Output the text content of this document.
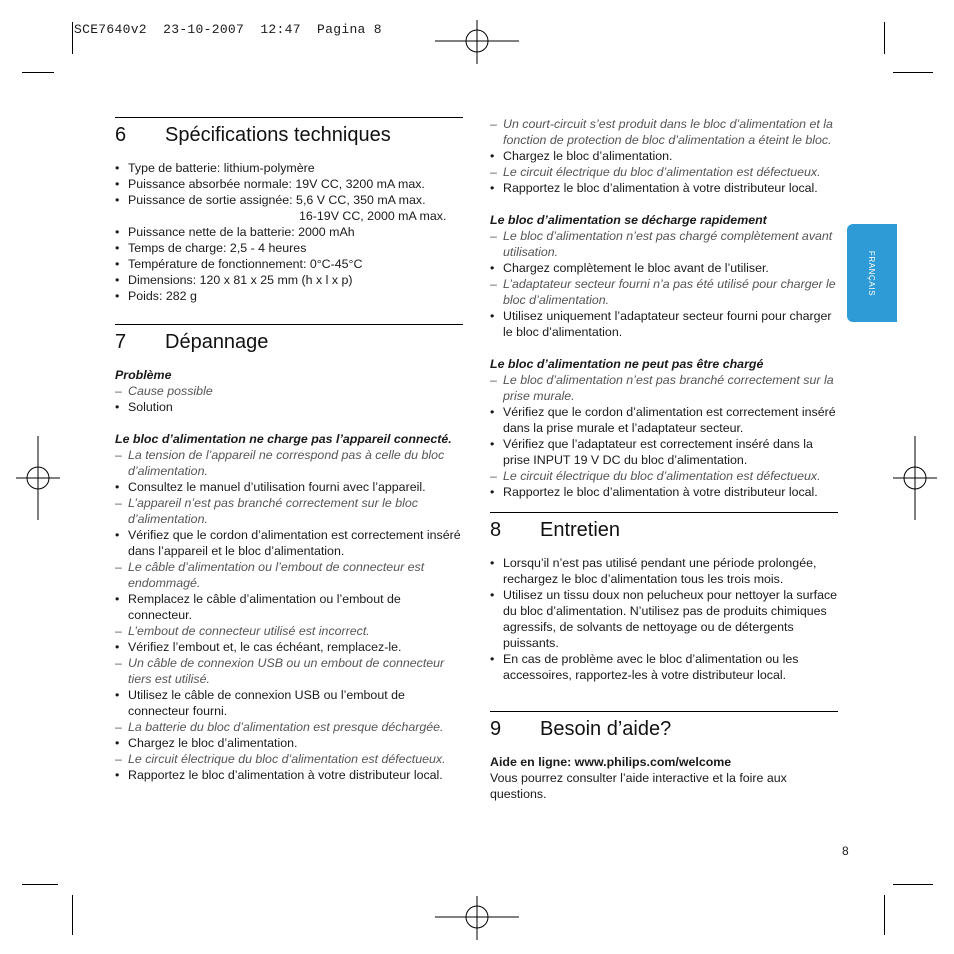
SCE7640v2  23-10-2007  12:47  Pagina 8
6	Spécifications techniques
• Type de batterie: lithium-polymère
• Puissance absorbée normale: 19V CC, 3200 mA max.
• Puissance de sortie assignée: 5,6 V CC, 350 mA max.
16-19V CC, 2000 mA max.
• Puissance nette de la batterie: 2000 mAh
• Temps de charge: 2,5 - 4 heures
• Température de fonctionnement: 0°C-45°C
• Dimensions: 120 x 81 x 25 mm (h x l x p)
• Poids: 282 g
7	Dépannage
Problème
– Cause possible
• Solution
Le bloc d’alimentation ne charge pas l’appareil connecté.
– La tension de l’appareil ne correspond pas à celle du bloc d’alimentation.
• Consultez le manuel d’utilisation fourni avec l’appareil.
– L’appareil n’est pas branché correctement sur le bloc d’alimentation.
• Vérifiez que le cordon d’alimentation est correctement inséré dans l’appareil et le bloc d’alimentation.
– Le câble d’alimentation ou l’embout de connecteur est endommagé.
• Remplacez le câble d’alimentation ou l’embout de connecteur.
– L’embout de connecteur utilisé est incorrect.
• Vérifiez l’embout et, le cas échéant, remplacez-le.
– Un câble de connexion USB ou un embout de connecteur tiers est utilisé.
• Utilisez le câble de connexion USB ou l’embout de connecteur fourni.
– La batterie du bloc d’alimentation est presque déchargée.
• Chargez le bloc d’alimentation.
– Le circuit électrique du bloc d’alimentation est défectueux.
• Rapportez le bloc d’alimentation à votre distributeur local.
– Un court-circuit s’est produit dans le bloc d’alimentation et la fonction de protection de bloc d’alimentation a éteint le bloc.
• Chargez le bloc d’alimentation.
– Le circuit électrique du bloc d’alimentation est défectueux.
• Rapportez le bloc d’alimentation à votre distributeur local.
Le bloc d’alimentation se décharge rapidement
– Le bloc d’alimentation n’est pas chargé complètement avant utilisation.
• Chargez complètement le bloc avant de l’utiliser.
– L’adaptateur secteur fourni n’a pas été utilisé pour charger le bloc d’alimentation.
• Utilisez uniquement l’adaptateur secteur fourni pour charger le bloc d’alimentation.
Le bloc d’alimentation ne peut pas être chargé
– Le bloc d’alimentation n’est pas branché correctement sur la prise murale.
• Vérifiez que le cordon d’alimentation est correctement inséré dans la prise murale et l’adaptateur secteur.
• Vérifiez que l’adaptateur est correctement inséré dans la prise INPUT 19 V DC du bloc d’alimentation.
– Le circuit électrique du bloc d’alimentation est défectueux.
• Rapportez le bloc d’alimentation à votre distributeur local.
8	Entretien
• Lorsqu’il n’est pas utilisé pendant une période prolongée, rechargez le bloc d’alimentation tous les trois mois.
• Utilisez un tissu doux non pelucheux pour nettoyer la surface du bloc d’alimentation. N’utilisez pas de produits chimiques agressifs, de solvants de nettoyage ou de détergents puissants.
• En cas de problème avec le bloc d’alimentation ou les accessoires, rapportez-les à votre distributeur local.
9	Besoin d’aide?
Aide en ligne: www.philips.com/welcome
Vous pourrez consulter l’aide interactive et la foire aux questions.
FRANÇAIS
8
